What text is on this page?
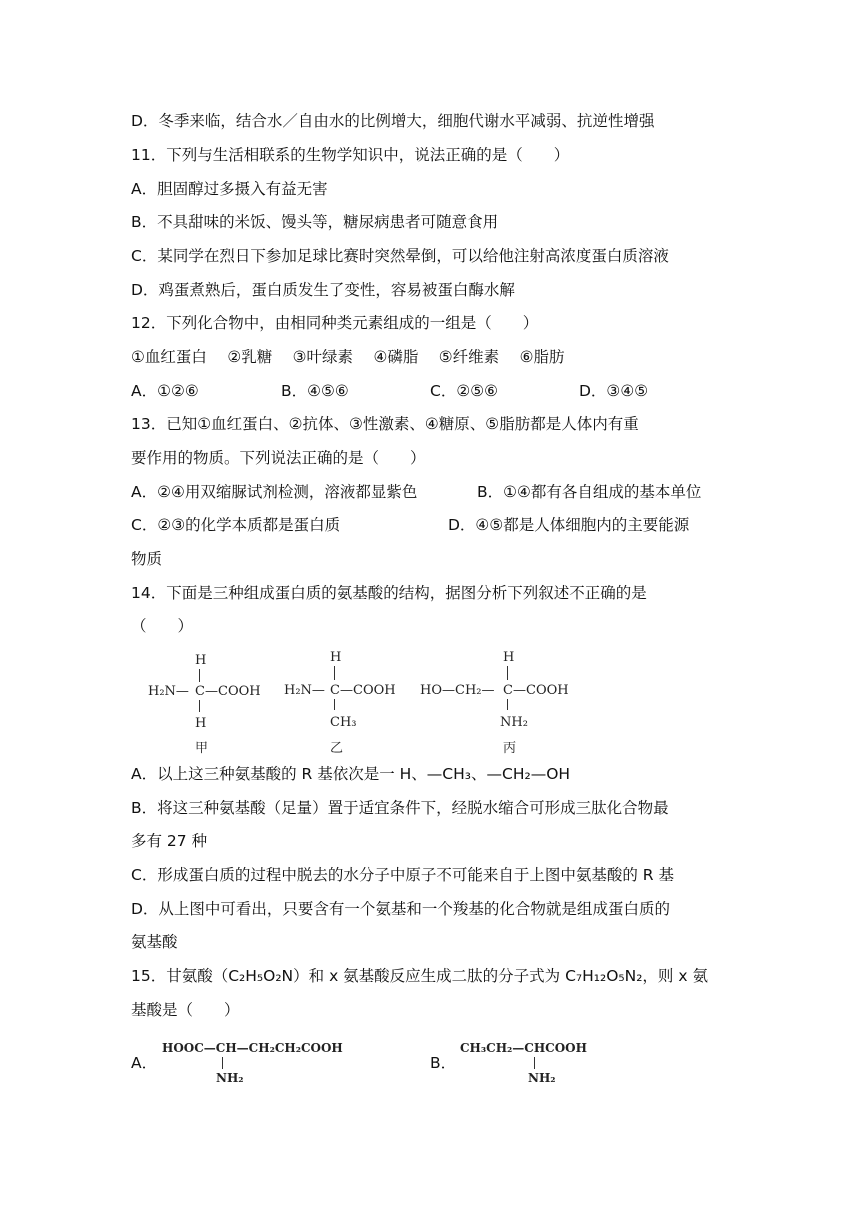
D．冬季来临，结合水／自由水的比例增大，细胞代谢水平减弱、抗逆性增强
11．下列与生活相联系的生物学知识中，说法正确的是（　　）
A．胆固醇过多摄入有益无害
B．不具甜味的米饭、馒头等，糖尿病患者可随意食用
C．某同学在烈日下参加足球比赛时突然晕倒，可以给他注射高浓度蛋白质溶液
D．鸡蛋煮熟后，蛋白质发生了变性，容易被蛋白酶水解
12．下列化合物中，由相同种类元素组成的一组是（　　）
①血红蛋白　 ②乳糖　 ③叶绿素　 ④磷脂　 ⑤纤维素　 ⑥脂肪
A．①②⑥	B．④⑤⑥	C．②⑤⑥	D．③④⑤
13．已知①血红蛋白、②抗体、③性激素、④糖原、⑤脂肪都是人体内有重
要作用的物质。下列说法正确的是（　　）
A．②④用双缩脲试剂检测，溶液都显紫色	B．①④都有各自组成的基本单位
C．②③的化学本质都是蛋白质	D．④⑤都是人体细胞内的主要能源
物质
14．下面是三种组成蛋白质的氨基酸的结构，据图分析下列叙述不正确的是
（　　）
H
H₂N— C —COOH
H
甲
H
H₂N— C —COOH
CH₃
乙
H
HO—CH₂— C —COOH
NH₂
丙
A．以上这三种氨基酸的 R 基依次是一 H、—CH₃、—CH₂—OH
B．将这三种氨基酸（足量）置于适宜条件下，经脱水缩合可形成三肽化合物最
多有 27 种
C．形成蛋白质的过程中脱去的水分子中原子不可能来自于上图中氨基酸的 R 基
D．从上图中可看出，只要含有一个氨基和一个羧基的化合物就是组成蛋白质的
氨基酸
15．甘氨酸（C₂H₅O₂N）和 x 氨基酸反应生成二肽的分子式为 C₇H₁₂O₅N₂，则 x 氨
基酸是（　　）
A．
HOOC—CH—CH₂CH₂COOH
NH₂
B．
CH₃CH₂—CHCOOH
NH₂
